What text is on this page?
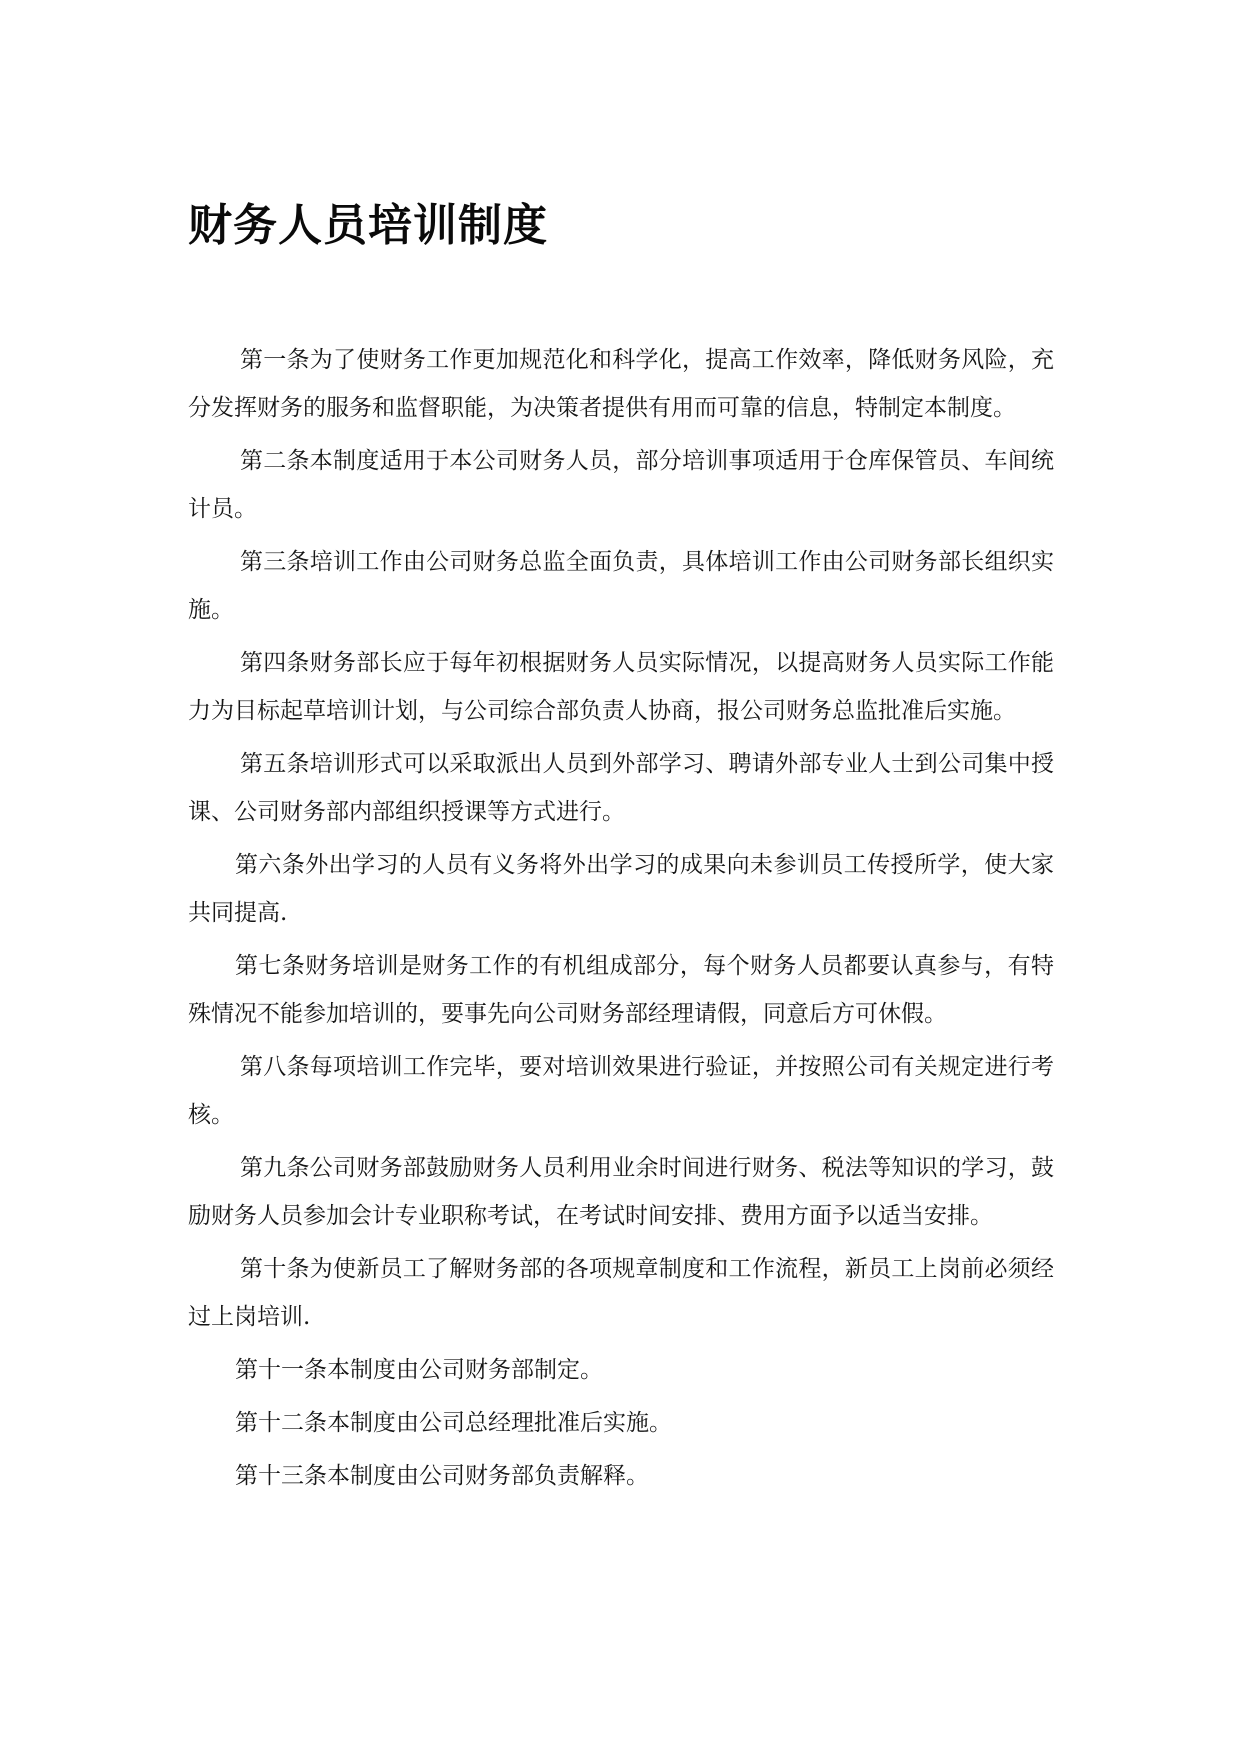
财务人员培训制度

第一条为了使财务工作更加规范化和科学化，提高工作效率，降低财务风险，充分发挥财务的服务和监督职能，为决策者提供有用而可靠的信息，特制定本制度。

第二条本制度适用于本公司财务人员，部分培训事项适用于仓库保管员、车间统计员。

第三条培训工作由公司财务总监全面负责，具体培训工作由公司财务部长组织实施。

第四条财务部长应于每年初根据财务人员实际情况，以提高财务人员实际工作能力为目标起草培训计划，与公司综合部负责人协商，报公司财务总监批准后实施。

第五条培训形式可以采取派出人员到外部学习、聘请外部专业人士到公司集中授课、公司财务部内部组织授课等方式进行。

第六条外出学习的人员有义务将外出学习的成果向未参训员工传授所学，使大家共同提高.

第七条财务培训是财务工作的有机组成部分，每个财务人员都要认真参与，有特殊情况不能参加培训的，要事先向公司财务部经理请假，同意后方可休假。

第八条每项培训工作完毕，要对培训效果进行验证，并按照公司有关规定进行考核。

第九条公司财务部鼓励财务人员利用业余时间进行财务、税法等知识的学习，鼓励财务人员参加会计专业职称考试，在考试时间安排、费用方面予以适当安排。

第十条为使新员工了解财务部的各项规章制度和工作流程，新员工上岗前必须经过上岗培训.

第十一条本制度由公司财务部制定。

第十二条本制度由公司总经理批准后实施。

第十三条本制度由公司财务部负责解释。
